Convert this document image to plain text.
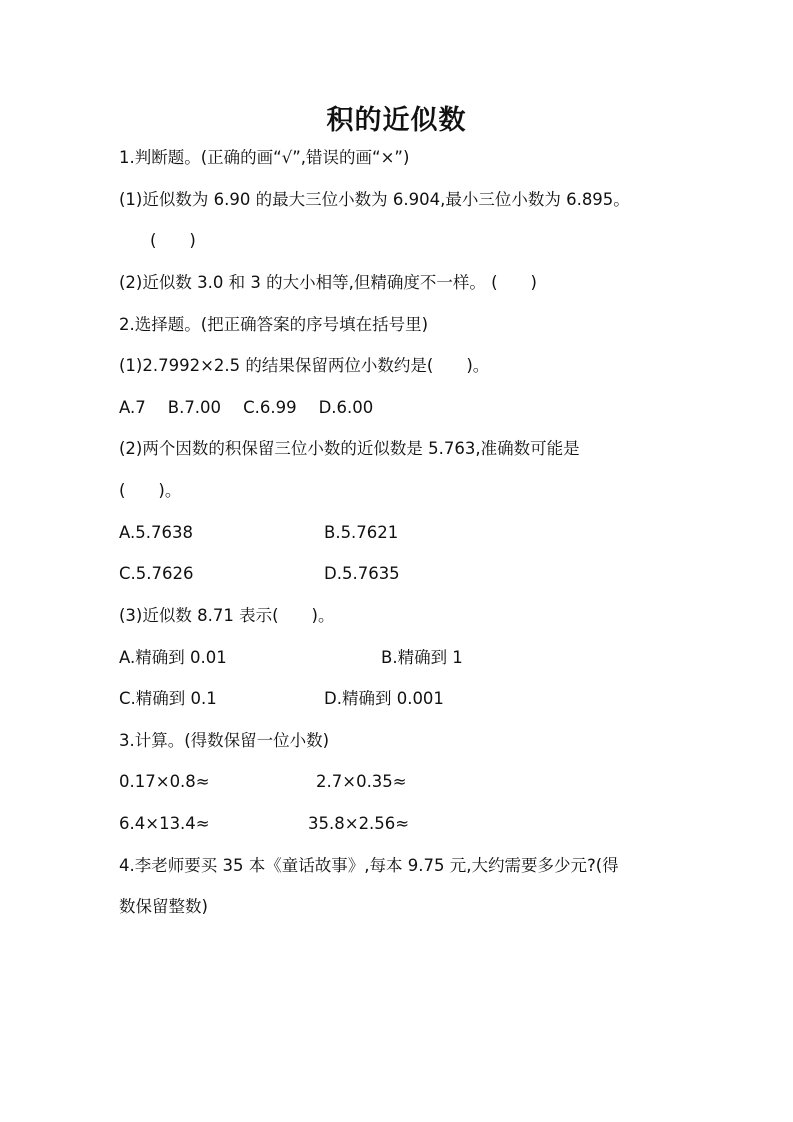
积的近似数
1.判断题。(正确的画“√”,错误的画“×”)
(1)近似数为 6.90 的最大三位小数为 6.904,最小三位小数为 6.895。
(　　)
(2)近似数 3.0 和 3 的大小相等,但精确度不一样。 (　　)
2.选择题。(把正确答案的序号填在括号里)
(1)2.7992×2.5 的结果保留两位小数约是(　　)。
A.7 B.7.00 C.6.99 D.6.00
(2)两个因数的积保留三位小数的近似数是 5.763,准确数可能是
(　　)。
A.5.7638	B.5.7621
C.5.7626	D.5.7635
(3)近似数 8.71 表示(　　)。
A.精确到 0.01	B.精确到 1
C.精确到 0.1	D.精确到 0.001
3.计算。(得数保留一位小数)
0.17×0.8≈	2.7×0.35≈
6.4×13.4≈	35.8×2.56≈
4.李老师要买 35 本《童话故事》,每本 9.75 元,大约需要多少元?(得
数保留整数)
